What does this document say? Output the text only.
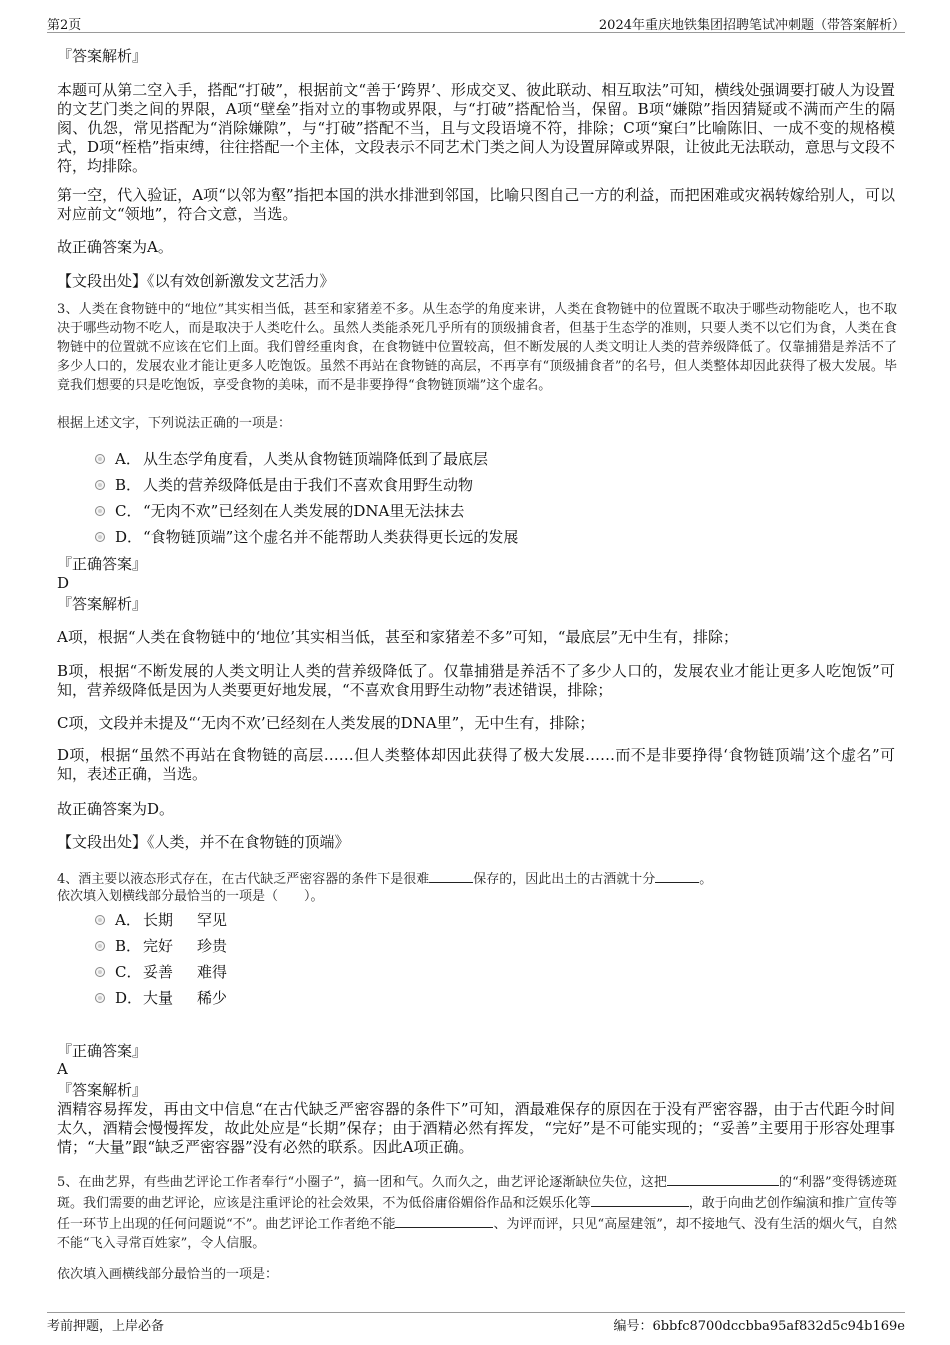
第2页	2024年重庆地铁集团招聘笔试冲刺题（带答案解析）
『答案解析』
本题可从第二空入手，搭配“打破”，根据前文“善于‘跨界’、形成交叉、彼此联动、相互取法”可知，横线处强调要打破人为设置的文艺门类之间的界限，A项“壁垒”指对立的事物或界限，与“打破”搭配恰当，保留。B项“嫌隙”指因猜疑或不满而产生的隔阂、仇怨，常见搭配为“消除嫌隙”，与“打破”搭配不当，且与文段语境不符，排除；C项“窠臼”比喻陈旧、一成不变的规格模式，D项“桎梏”指束缚，往往搭配一个主体，文段表示不同艺术门类之间人为设置屏障或界限，让彼此无法联动，意思与文段不符，均排除。
第一空，代入验证，A项“以邻为壑”指把本国的洪水排泄到邻国，比喻只图自己一方的利益，而把困难或灾祸转嫁给别人，可以对应前文“领地”，符合文意，当选。
故正确答案为A。
【文段出处】《以有效创新激发文艺活力》
3、人类在食物链中的“地位”其实相当低，甚至和家猪差不多。从生态学的角度来讲，人类在食物链中的位置既不取决于哪些动物能吃人，也不取决于哪些动物不吃人，而是取决于人类吃什么。虽然人类能杀死几乎所有的顶级捕食者，但基于生态学的准则，只要人类不以它们为食，人类在食物链中的位置就不应该在它们上面。我们曾经重肉食，在食物链中位置较高，但不断发展的人类文明让人类的营养级降低了。仅靠捕猎是养活不了多少人口的，发展农业才能让更多人吃饱饭。虽然不再站在食物链的高层，不再享有“顶级捕食者”的名号，但人类整体却因此获得了极大发展。毕竟我们想要的只是吃饱饭，享受食物的美味，而不是非要挣得“食物链顶端”这个虚名。
根据上述文字，下列说法正确的一项是：
A． 从生态学角度看，人类从食物链顶端降低到了最底层
B． 人类的营养级降低是由于我们不喜欢食用野生动物
C． “无肉不欢”已经刻在人类发展的DNA里无法抹去
D． “食物链顶端”这个虚名并不能帮助人类获得更长远的发展
『正确答案』
D
『答案解析』
A项，根据“人类在食物链中的‘地位’其实相当低，甚至和家猪差不多”可知，“最底层”无中生有，排除；
B项，根据“不断发展的人类文明让人类的营养级降低了。仅靠捕猎是养活不了多少人口的，发展农业才能让更多人吃饱饭”可知，营养级降低是因为人类要更好地发展，“不喜欢食用野生动物”表述错误，排除；
C项，文段并未提及“‘无肉不欢’已经刻在人类发展的DNA里”，无中生有，排除；
D项，根据“虽然不再站在食物链的高层……但人类整体却因此获得了极大发展……而不是非要挣得‘食物链顶端’这个虚名”可知，表述正确，当选。
故正确答案为D。
【文段出处】《人类，并不在食物链的顶端》
4、酒主要以液态形式存在，在古代缺乏严密容器的条件下是很难	保存的，因此出土的古酒就十分	。
依次填入划横线部分最恰当的一项是（　　）。
A． 长期 罕见
B． 完好 珍贵
C． 妥善 难得
D． 大量 稀少
『正确答案』
A
『答案解析』
酒精容易挥发，再由文中信息“在古代缺乏严密容器的条件下”可知，酒最难保存的原因在于没有严密容器，由于古代距今时间太久，酒精会慢慢挥发，故此处应是“长期”保存；由于酒精必然有挥发，“完好”是不可能实现的；“妥善”主要用于形容处理事情；“大量”跟“缺乏严密容器”没有必然的联系。因此A项正确。
5、在曲艺界，有些曲艺评论工作者奉行“小圈子”，搞一团和气。久而久之，曲艺评论逐渐缺位失位，这把	的“利器”变得锈迹斑斑。我们需要的曲艺评论，应该是注重评论的社会效果，不为低俗庸俗媚俗作品和泛娱乐化等	，敢于向曲艺创作编演和推广宣传等任一环节上出现的任何问题说“不”。曲艺评论工作者绝不能	、为评而评，只见“高屋建瓴”，却不接地气、没有生活的烟火气，自然不能“飞入寻常百姓家”，令人信服。
依次填入画横线部分最恰当的一项是：
考前押题，上岸必备	编号：6bbfc8700dccbba95af832d5c94b169e
